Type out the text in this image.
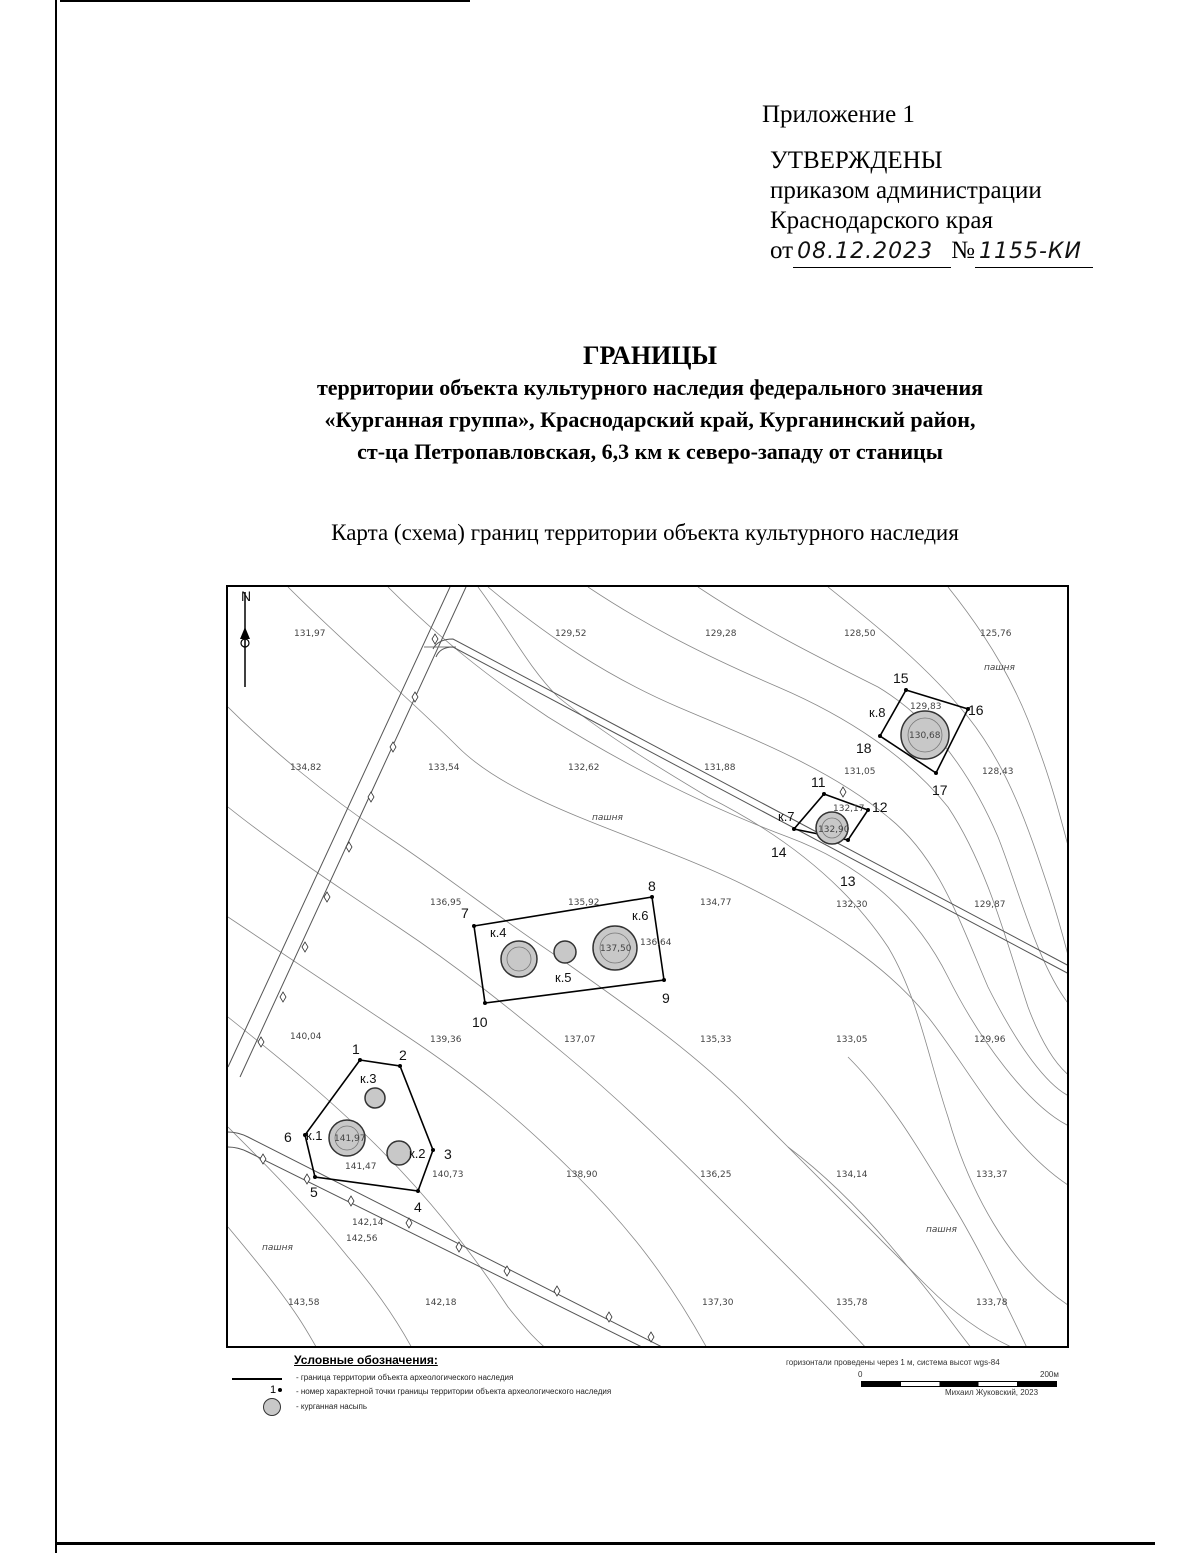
Приложение 1
УТВЕРЖДЕНЫ
приказом администрации
Краснодарского края
от 08.12.2023 № 1155-КИ
ГРАНИЦЫ
территории объекта культурного наследия федерального значения
«Курганная группа», Краснодарский край, Курганинский район,
ст-ца Петропавловская, 6,3 км к северо-западу от станицы
Карта (схема) границ территории объекта культурного наследия
N
к.1 141,97
к.2
к.3
к.4
к.5
к.6
137,50
к.7
132,90
к.8
130,68
1	2
3
4
5
6
7
8
9
10
11
12
13
14
15
16
17
18
131,97	129,52	129,28	128,50	125,76
134,82	133,54	132,62	131,88	131,05	128,43
136,95	135,92	134,77	132,30	129,87
140,04	139,36	137,07	135,33	133,05	129,96
141,47
140,73	138,90	136,25	134,14	133,37
142,14
142,56
143,58	142,18	137,30	135,78	133,78
129,83
132,17
136,64
пашня
пашня
пашня
пашня
Условные обозначения:
- граница территории объекта археологического наследия
1	- номер характерной точки границы территории объекта археологического наследия
- курганная насыпь
горизонтали проведены через 1 м, система высот wgs-84
0	200м
Михаил Жуковский, 2023
